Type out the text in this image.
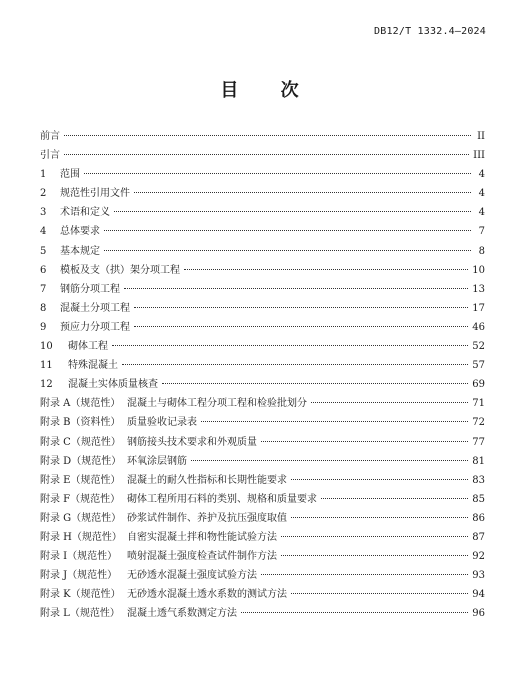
DB12/T 1332.4—2024
目 次
前言	II
引言	III
1	范围	4
2	规范性引用文件	4
3	术语和定义	4
4	总体要求	7
5	基本规定	8
6	模板及支（拱）架分项工程	10
7	钢筋分项工程	13
8	混凝土分项工程	17
9	预应力分项工程	46
10	砌体工程	52
11	特殊混凝土	57
12	混凝土实体质量核查	69
附录 A（规范性） 混凝土与砌体工程分项工程和检验批划分	71
附录 B（资料性） 质量验收记录表	72
附录 C（规范性） 钢筋接头技术要求和外观质量	77
附录 D（规范性） 环氧涂层钢筋	81
附录 E（规范性） 混凝土的耐久性指标和长期性能要求	83
附录 F（规范性） 砌体工程所用石料的类别、规格和质量要求	85
附录 G（规范性） 砂浆试件制作、养护及抗压强度取值	86
附录 H（规范性） 自密实混凝土拌和物性能试验方法	87
附录 I（规范性） 喷射混凝土强度检查试件制作方法	92
附录 J（规范性） 无砂透水混凝土强度试验方法	93
附录 K（规范性） 无砂透水混凝土透水系数的测试方法	94
附录 L（规范性） 混凝土透气系数测定方法	96
